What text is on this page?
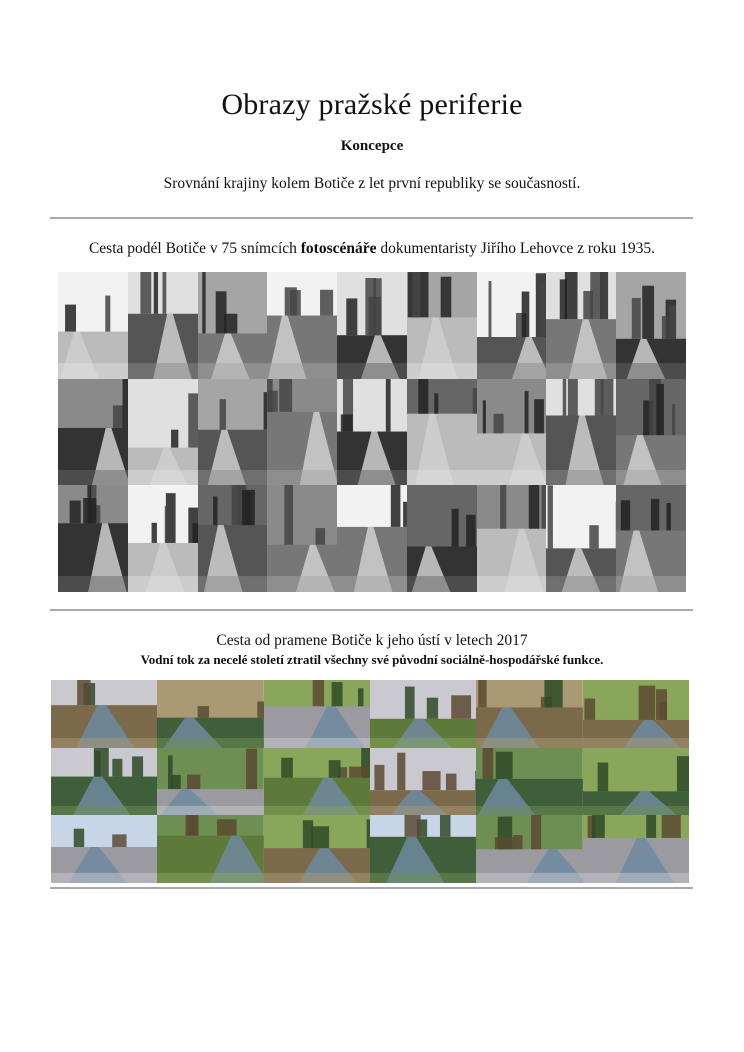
Obrazy pražské periferie
Koncepce
Srovnání krajiny kolem Botiče z let první republiky se současností.
Cesta podél Botiče v 75 snímcích fotoscénáře dokumentaristy Jiřího Lehovce z roku 1935.
Cesta od pramene Botiče k jeho ústí v letech 2017
Vodní tok za necelé století ztratil všechny své původní sociálně-hospodářské funkce.
